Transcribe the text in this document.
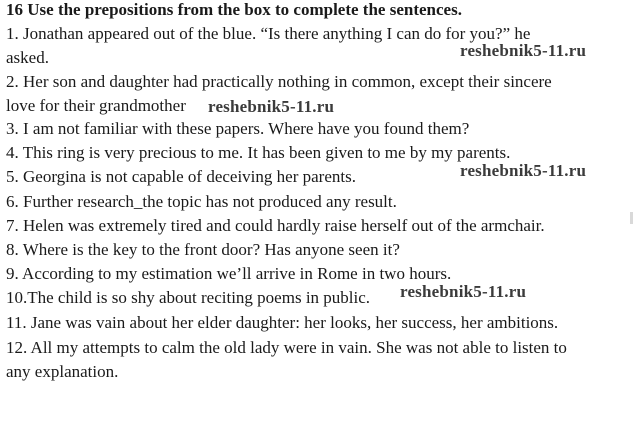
16 Use the prepositions from the box to complete the sentences.
1. Jonathan appeared out of the blue. “Is there anything I can do for you?” he
asked.
2. Her son and daughter had practically nothing in common, except their sincere
love for their grandmother
3. I am not familiar with these papers. Where have you found them?
4. This ring is very precious to me. It has been given to me by my parents.
5. Georgina is not capable of deceiving her parents.
6. Further research_the topic has not produced any result.
7. Helen was extremely tired and could hardly raise herself out of the armchair.
8. Where is the key to the front door? Has anyone seen it?
9. According to my estimation we’ll arrive in Rome in two hours.
10.The child is so shy about reciting poems in public.
11. Jane was vain about her elder daughter: her looks, her success, her ambitions.
12. All my attempts to calm the old lady were in vain. She was not able to listen to
any explanation.
reshebnik5-11.ru
reshebnik5-11.ru
reshebnik5-11.ru
reshebnik5-11.ru
